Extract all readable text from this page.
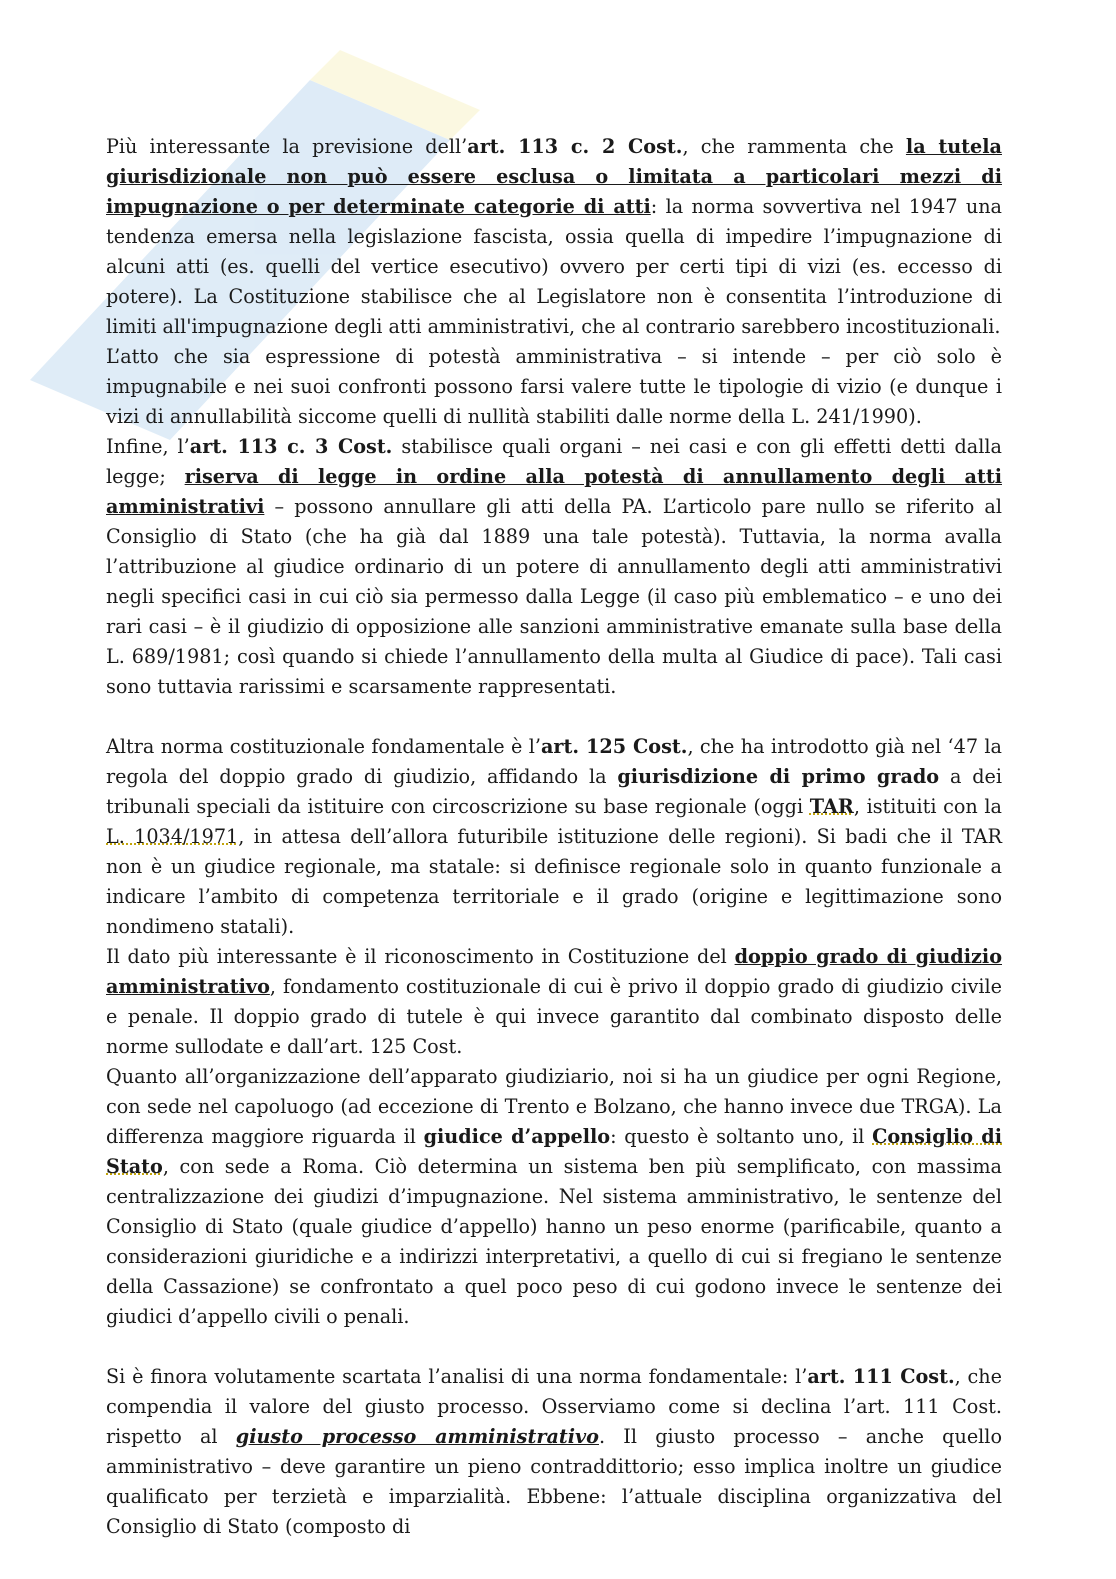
Più interessante la previsione dell’art. 113 c. 2 Cost., che rammenta che la tutela giurisdizionale non può essere esclusa o limitata a particolari mezzi di impugnazione o per determinate categorie di atti: la norma sovvertiva nel 1947 una tendenza emersa nella legislazione fascista, ossia quella di impedire l’impugnazione di alcuni atti (es. quelli del vertice esecutivo) ovvero per certi tipi di vizi (es. eccesso di potere). La Costituzione stabilisce che al Legislatore non è consentita l’introduzione di limiti all'impugnazione degli atti amministrativi, che al contrario sarebbero incostituzionali.

L’atto che sia espressione di potestà amministrativa – si intende – per ciò solo è impugnabile e nei suoi confronti possono farsi valere tutte le tipologie di vizio (e dunque i vizi di annullabilità siccome quelli di nullità stabiliti dalle norme della L. 241/1990).

Infine, l’art. 113 c. 3 Cost. stabilisce quali organi – nei casi e con gli effetti detti dalla legge; riserva di legge in ordine alla potestà di annullamento degli atti amministrativi – possono annullare gli atti della PA. L’articolo pare nullo se riferito al Consiglio di Stato (che ha già dal 1889 una tale potestà). Tuttavia, la norma avalla l’attribuzione al giudice ordinario di un potere di annullamento degli atti amministrativi negli specifici casi in cui ciò sia permesso dalla Legge (il caso più emblematico – e uno dei rari casi – è il giudizio di opposizione alle sanzioni amministrative emanate sulla base della L. 689/1981; così quando si chiede l’annullamento della multa al Giudice di pace). Tali casi sono tuttavia rarissimi e scarsamente rappresentati.

Altra norma costituzionale fondamentale è l’art. 125 Cost., che ha introdotto già nel ‘47 la regola del doppio grado di giudizio, affidando la giurisdizione di primo grado a dei tribunali speciali da istituire con circoscrizione su base regionale (oggi TAR, istituiti con la L. 1034/1971, in attesa dell’allora futuribile istituzione delle regioni). Si badi che il TAR non è un giudice regionale, ma statale: si definisce regionale solo in quanto funzionale a indicare l’ambito di competenza territoriale e il grado (origine e legittimazione sono nondimeno statali).

Il dato più interessante è il riconoscimento in Costituzione del doppio grado di giudizio amministrativo, fondamento costituzionale di cui è privo il doppio grado di giudizio civile e penale. Il doppio grado di tutele è qui invece garantito dal combinato disposto delle norme sullodate e dall’art. 125 Cost.

Quanto all’organizzazione dell’apparato giudiziario, noi si ha un giudice per ogni Regione, con sede nel capoluogo (ad eccezione di Trento e Bolzano, che hanno invece due TRGA). La differenza maggiore riguarda il giudice d’appello: questo è soltanto uno, il Consiglio di Stato, con sede a Roma. Ciò determina un sistema ben più semplificato, con massima centralizzazione dei giudizi d’impugnazione. Nel sistema amministrativo, le sentenze del Consiglio di Stato (quale giudice d’appello) hanno un peso enorme (parificabile, quanto a considerazioni giuridiche e a indirizzi interpretativi, a quello di cui si fregiano le sentenze della Cassazione) se confrontato a quel poco peso di cui godono invece le sentenze dei giudici d’appello civili o penali.

Si è finora volutamente scartata l’analisi di una norma fondamentale: l’art. 111 Cost., che compendia il valore del giusto processo. Osserviamo come si declina l’art. 111 Cost. rispetto al giusto processo amministrativo. Il giusto processo – anche quello amministrativo – deve garantire un pieno contraddittorio; esso implica inoltre un giudice qualificato per terzietà e imparzialità. Ebbene: l’attuale disciplina organizzativa del Consiglio di Stato (composto di
